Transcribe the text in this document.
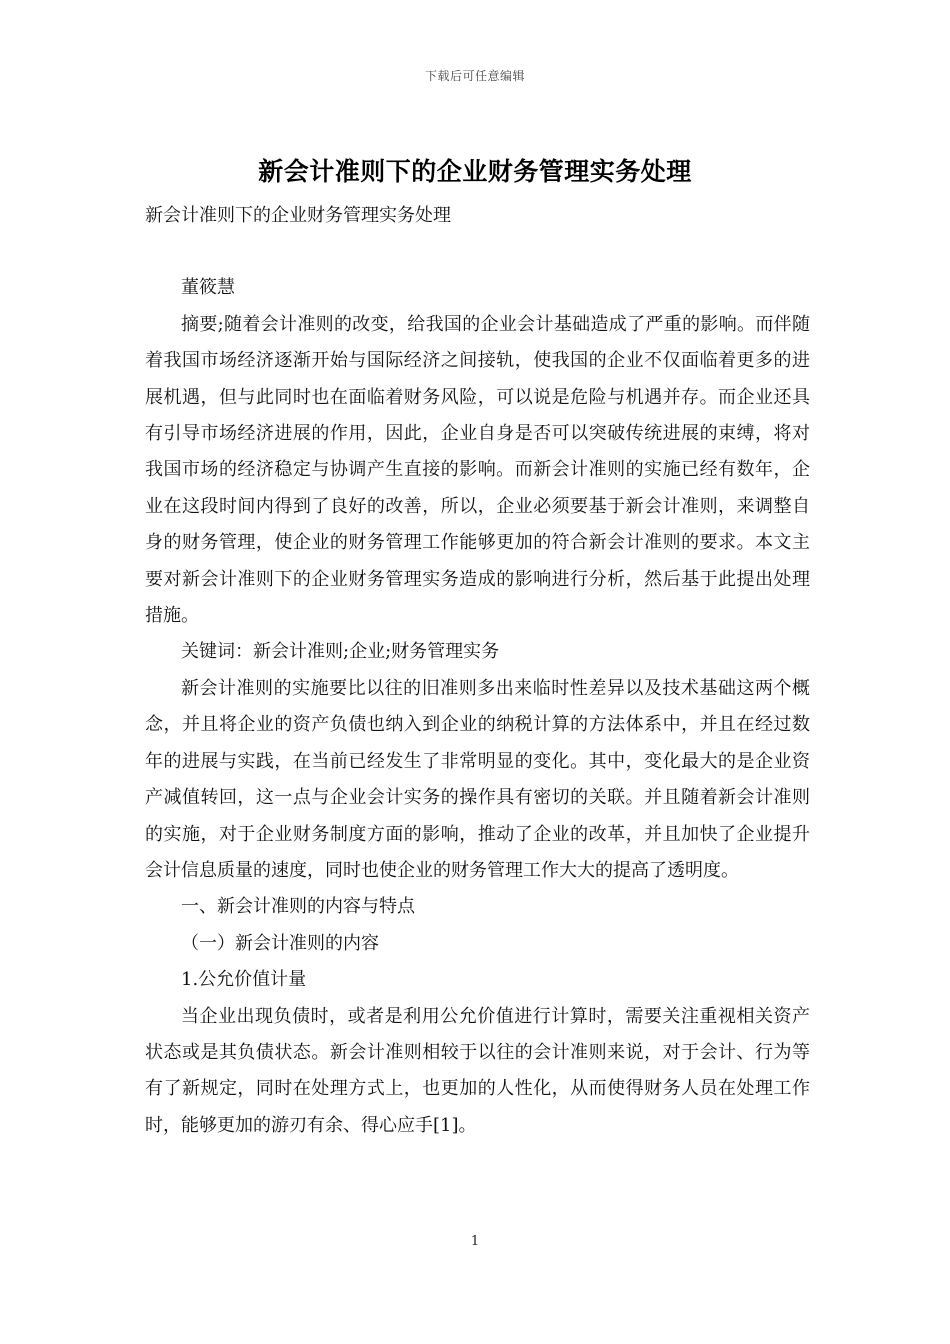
下载后可任意编辑
新会计准则下的企业财务管理实务处理

新会计准则下的企业财务管理实务处理

董筱慧

摘要;随着会计准则的改变，给我国的企业会计基础造成了严重的影响。而伴随着我国市场经济逐渐开始与国际经济之间接轨，使我国的企业不仅面临着更多的进展机遇，但与此同时也在面临着财务风险，可以说是危险与机遇并存。而企业还具有引导市场经济进展的作用，因此，企业自身是否可以突破传统进展的束缚，将对我国市场的经济稳定与协调产生直接的影响。而新会计准则的实施已经有数年，企业在这段时间内得到了良好的改善，所以，企业必须要基于新会计准则，来调整自身的财务管理，使企业的财务管理工作能够更加的符合新会计准则的要求。本文主要对新会计准则下的企业财务管理实务造成的影响进行分析，然后基于此提出处理措施。

关键词：新会计准则;企业;财务管理实务

新会计准则的实施要比以往的旧准则多出来临时性差异以及技术基础这两个概念，并且将企业的资产负债也纳入到企业的纳税计算的方法体系中，并且在经过数年的进展与实践，在当前已经发生了非常明显的变化。其中，变化最大的是企业资产减值转回，这一点与企业会计实务的操作具有密切的关联。并且随着新会计准则的实施，对于企业财务制度方面的影响，推动了企业的改革，并且加快了企业提升会计信息质量的速度，同时也使企业的财务管理工作大大的提高了透明度。

一、新会计准则的内容与特点

（一）新会计准则的内容

1.公允价值计量

当企业出现负债时，或者是利用公允价值进行计算时，需要关注重视相关资产状态或是其负债状态。新会计准则相较于以往的会计准则来说，对于会计、行为等有了新规定，同时在处理方式上，也更加的人性化，从而使得财务人员在处理工作时，能够更加的游刃有余、得心应手[1]。

1
